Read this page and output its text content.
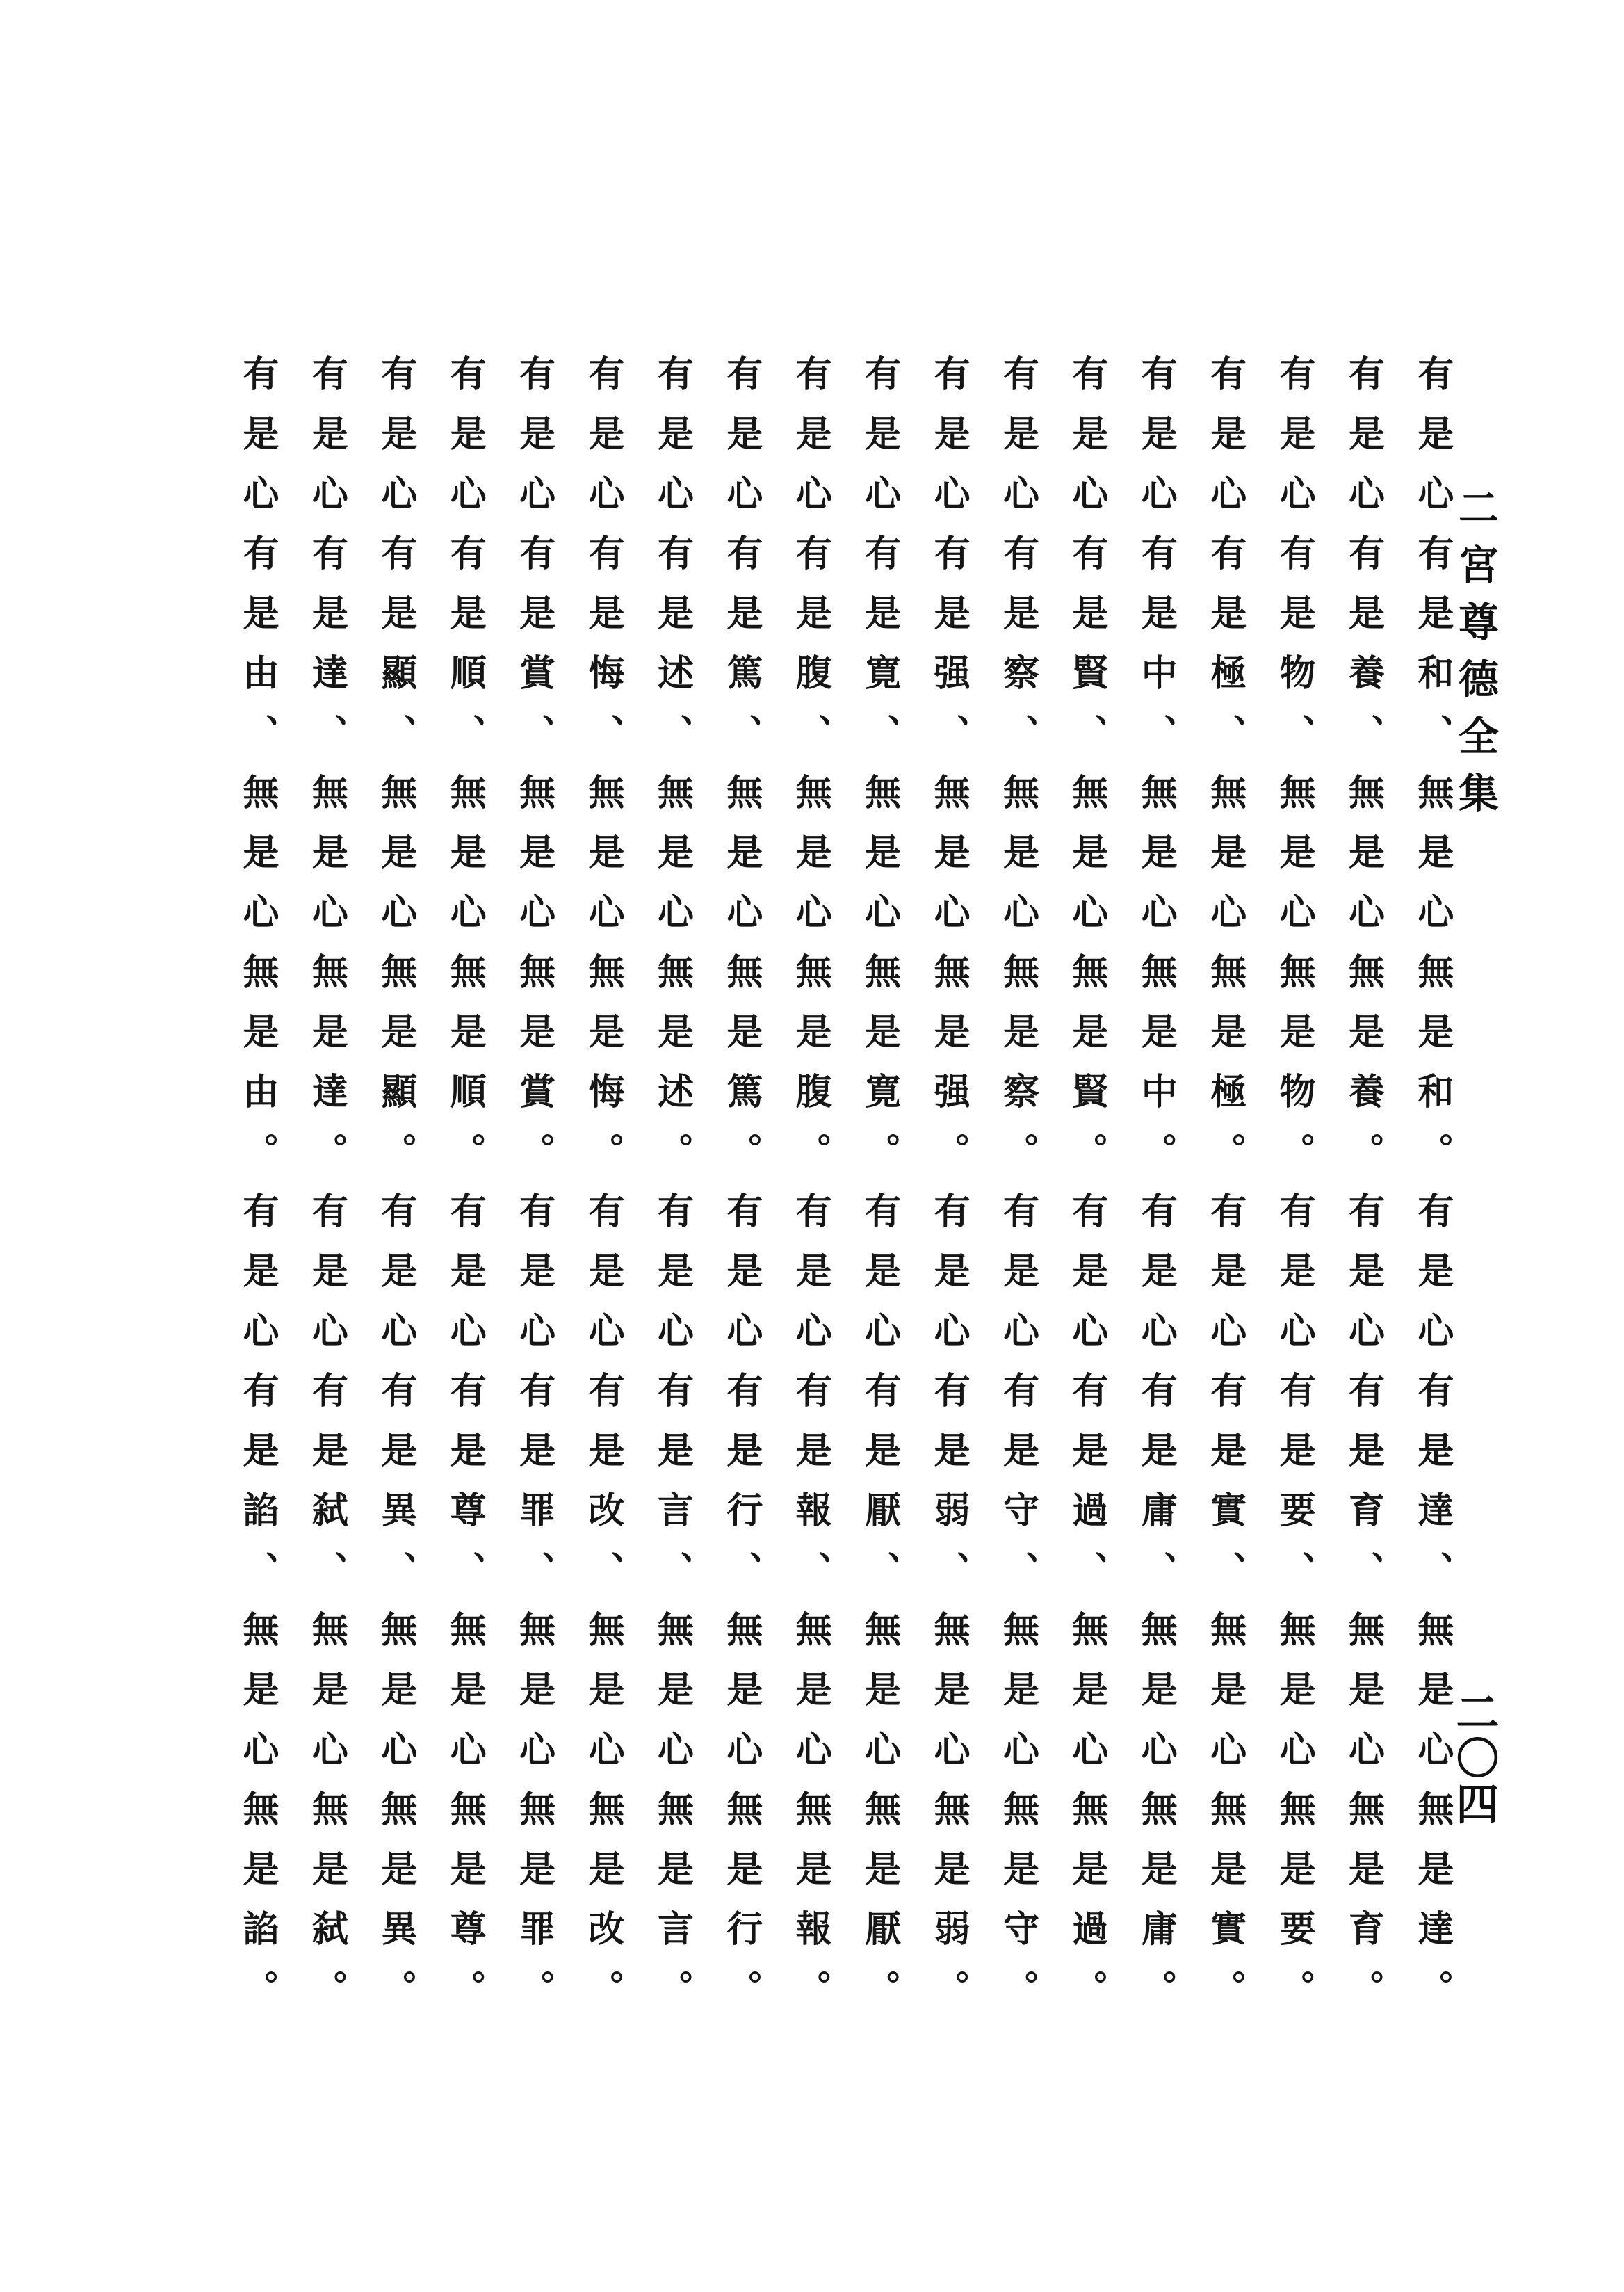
二宮尊德全集
有是心有是和、無是心無是和。有是心有是達、無是心無是達。
有是心有是養、無是心無是養。有是心有是育、無是心無是育。
有是心有是物、無是心無是物。有是心有是要、無是心無是要。
有是心有是極、無是心無是極。有是心有是實、無是心無是實。
有是心有是中、無是心無是中。有是心有是庸、無是心無是庸。
有是心有是賢、無是心無是賢。有是心有是過、無是心無是過。
有是心有是察、無是心無是察。有是心有是守、無是心無是守。
有是心有是强、無是心無是强。有是心有是弱、無是心無是弱。
有是心有是寛、無是心無是寛。有是心有是厭、無是心無是厭。
有是心有是腹、無是心無是腹。有是心有是報、無是心無是報。
有是心有是篤、無是心無是篤。有是心有是行、無是心無是行。
有是心有是述、無是心無是述。有是心有是言、無是心無是言。
有是心有是悔、無是心無是悔。有是心有是改、無是心無是改。
有是心有是賞、無是心無是賞。有是心有是罪、無是心無是罪。
有是心有是順、無是心無是順。有是心有是尊、無是心無是尊。
有是心有是顯、無是心無是顯。有是心有是異、無是心無是異。
有是心有是達、無是心無是達。有是心有是弑、無是心無是弑。
有是心有是由、無是心無是由。有是心有是諂、無是心無是諂。	二〇四
